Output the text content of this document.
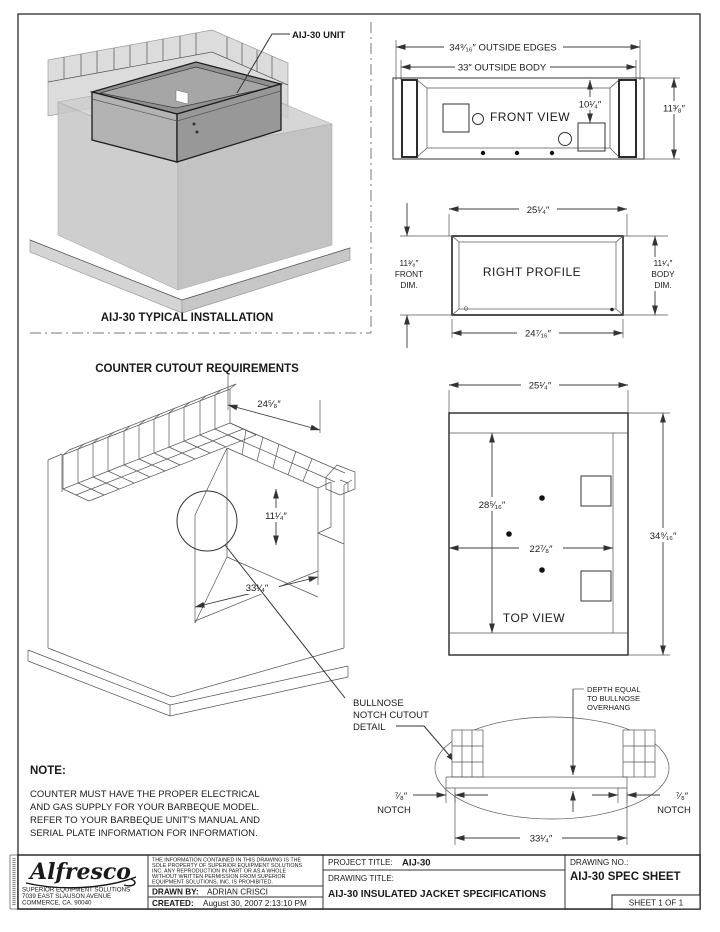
AIJ-30 UNIT
AIJ-30 TYPICAL INSTALLATION
34⁹⁄₁₆″ OUTSIDE EDGES
33″ OUTSIDE BODY
FRONT VIEW
10¹⁄₄″	11³⁄₈″
25¹⁄₄″
RIGHT PROFILE
11³⁄₈″
FRONT
DIM.
11¹⁄₄″
BODY
DIM.
24⁷⁄₁₆″
COUNTER CUTOUT REQUIREMENTS
24⁵⁄₈″
11¹⁄₄″
33¹⁄₄″
25¹⁄₄″
28⁵⁄₁₆″
22⁷⁄₈″
TOP VIEW
34⁹⁄₁₆″
BULLNOSE
NOTCH CUTOUT
DETAIL
⁷⁄₈″
NOTCH
⁷⁄₈″
NOTCH
33¹⁄₄″
DEPTH EQUAL
TO BULLNOSE
OVERHANG
NOTE:
COUNTER MUST HAVE THE PROPER ELECTRICAL
AND GAS SUPPLY FOR YOUR BARBEQUE MODEL.
REFER TO YOUR BARBEQUE UNIT'S MANUAL AND
SERIAL PLATE INFORMATION FOR INFORMATION.
Alfresco
SUPERIOR EQUIPMENT SOLUTIONS
7039 EAST SLAUSON AVENUE
COMMERCE, CA. 90040
THE INFORMATION CONTAINED IN THIS DRAWING IS THE
SOLE PROPERTY OF SUPERIOR EQUIPMENT SOLUTIONS
INC. ANY REPRODUCTION IN PART OR AS A WHOLE
WITHOUT WRITTEN PERMISSION FROM SUPERIOR
EQUIPMENT SOLUTIONS, INC. IS PROHIBITED.
DRAWN BY: ADRIAN CRISCI
CREATED: August 30, 2007 2:13:10 PM
PROJECT TITLE: AIJ-30
DRAWING TITLE:
AIJ-30 INSULATED JACKET SPECIFICATIONS
DRAWING NO.:
AIJ-30 SPEC SHEET
SHEET 1 OF 1
